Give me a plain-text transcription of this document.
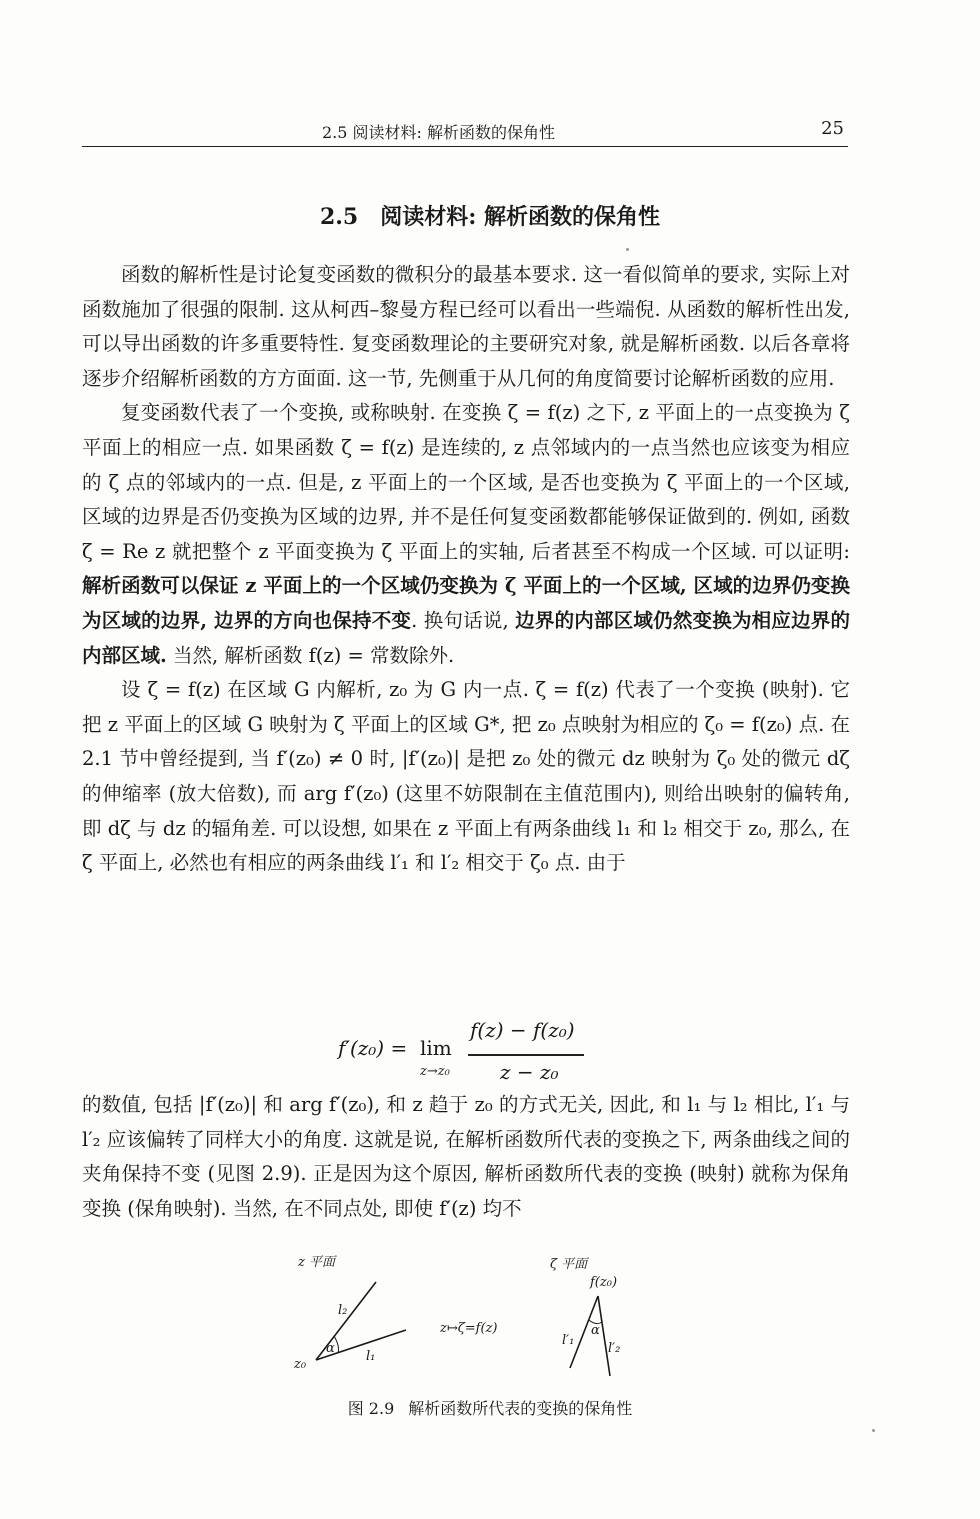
2.5 阅读材料: 解析函数的保角性	25
2.5 阅读材料: 解析函数的保角性

函数的解析性是讨论复变函数的微积分的最基本要求. 这一看似简单的要求, 实际上对函数施加了很强的限制. 这从柯西–黎曼方程已经可以看出一些端倪. 从函数的解析性出发, 可以导出函数的许多重要特性. 复变函数理论的主要研究对象, 就是解析函数. 以后各章将逐步介绍解析函数的方方面面. 这一节, 先侧重于从几何的角度简要讨论解析函数的应用.

复变函数代表了一个变换, 或称映射. 在变换 ζ = f(z) 之下, z 平面上的一点变换为 ζ 平面上的相应一点. 如果函数 ζ = f(z) 是连续的, z 点邻域内的一点当然也应该变为相应的 ζ 点的邻域内的一点. 但是, z 平面上的一个区域, 是否也变换为 ζ 平面上的一个区域, 区域的边界是否仍变换为区域的边界, 并不是任何复变函数都能够保证做到的. 例如, 函数 ζ = Re z 就把整个 z 平面变换为 ζ 平面上的实轴, 后者甚至不构成一个区域. 可以证明: 解析函数可以保证 z 平面上的一个区域仍变换为 ζ 平面上的一个区域, 区域的边界仍变换为区域的边界, 边界的方向也保持不变. 换句话说, 边界的内部区域仍然变换为相应边界的内部区域. 当然, 解析函数 f(z) = 常数除外.

设 ζ = f(z) 在区域 G 内解析, z₀ 为 G 内一点. ζ = f(z) 代表了一个变换 (映射). 它把 z 平面上的区域 G 映射为 ζ 平面上的区域 G*, 把 z₀ 点映射为相应的 ζ₀ = f(z₀) 点. 在 2.1 节中曾经提到, 当 f′(z₀) ≠ 0 时, |f′(z₀)| 是把 z₀ 处的微元 dz 映射为 ζ₀ 处的微元 dζ 的伸缩率 (放大倍数), 而 arg f′(z₀) (这里不妨限制在主值范围内), 则给出映射的偏转角, 即 dζ 与 dz 的辐角差. 可以设想, 如果在 z 平面上有两条曲线 l₁ 和 l₂ 相交于 z₀, 那么, 在 ζ 平面上, 必然也有相应的两条曲线 l′₁ 和 l′₂ 相交于 ζ₀ 点. 由于

f′(z₀) = lim
z→z₀
f(z) − f(z₀)
z − z₀

的数值, 包括 |f′(z₀)| 和 arg f′(z₀), 和 z 趋于 z₀ 的方式无关, 因此, 和 l₁ 与 l₂ 相比, l′₁ 与 l′₂ 应该偏转了同样大小的角度. 这就是说, 在解析函数所代表的变换之下, 两条曲线之间的夹角保持不变 (见图 2.9). 正是因为这个原因, 解析函数所代表的变换 (映射) 就称为保角变换 (保角映射). 当然, 在不同点处, 即使 f′(z) 均不

z 平面
l₂
α
l₁
z₀
z↦ζ=f(z)
ζ 平面
f(z₀)
α
l′₁
l′₂
图 2.9 解析函数所代表的变换的保角性
